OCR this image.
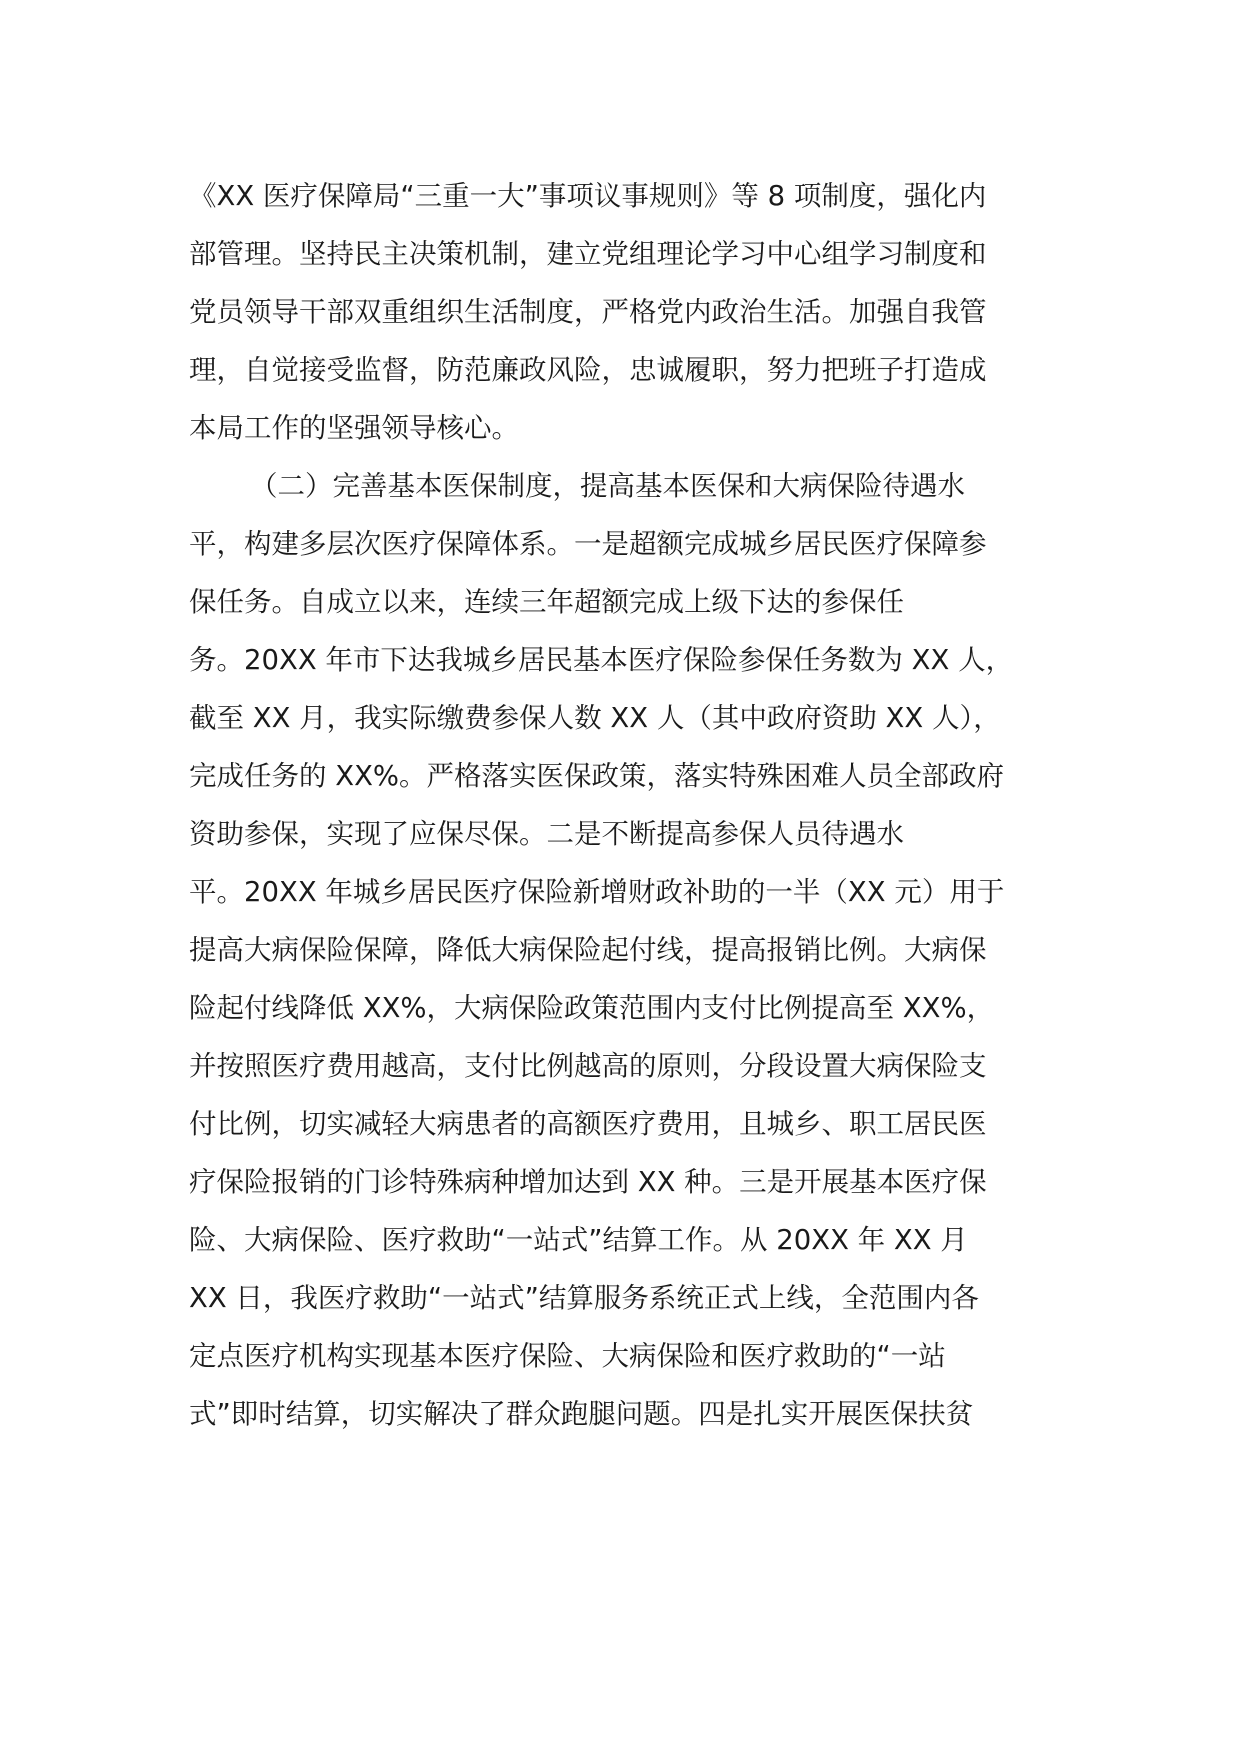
《XX 医疗保障局“三重一大”事项议事规则》等 8 项制度，强化内
部管理。坚持民主决策机制，建立党组理论学习中心组学习制度和
党员领导干部双重组织生活制度，严格党内政治生活。加强自我管
理，自觉接受监督，防范廉政风险，忠诚履职，努力把班子打造成
本局工作的坚强领导核心。
（二）完善基本医保制度，提高基本医保和大病保险待遇水
平，构建多层次医疗保障体系。一是超额完成城乡居民医疗保障参
保任务。自成立以来，连续三年超额完成上级下达的参保任
务。20XX 年市下达我城乡居民基本医疗保险参保任务数为 XX 人，
截至 XX 月，我实际缴费参保人数 XX 人（其中政府资助 XX 人），
完成任务的 XX%。严格落实医保政策，落实特殊困难人员全部政府
资助参保，实现了应保尽保。二是不断提高参保人员待遇水
平。20XX 年城乡居民医疗保险新增财政补助的一半（XX 元）用于
提高大病保险保障，降低大病保险起付线，提高报销比例。大病保
险起付线降低 XX%，大病保险政策范围内支付比例提高至 XX%，
并按照医疗费用越高，支付比例越高的原则，分段设置大病保险支
付比例，切实减轻大病患者的高额医疗费用，且城乡、职工居民医
疗保险报销的门诊特殊病种增加达到 XX 种。三是开展基本医疗保
险、大病保险、医疗救助“一站式”结算工作。从 20XX 年 XX 月
XX 日，我医疗救助“一站式”结算服务系统正式上线，全范围内各
定点医疗机构实现基本医疗保险、大病保险和医疗救助的“一站
式”即时结算，切实解决了群众跑腿问题。四是扎实开展医保扶贫
